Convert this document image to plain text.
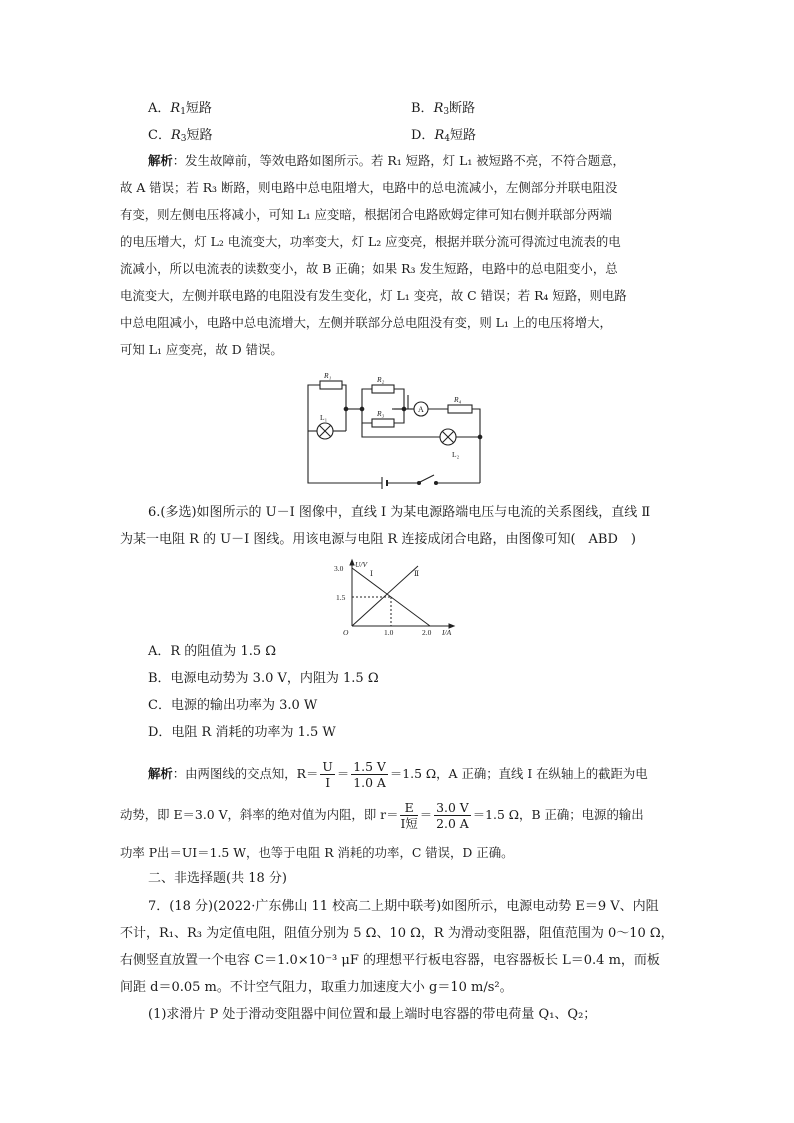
A．$R_1$短路	B．$R_3$断路
C．$R_3$短路	D．$R_4$短路
解析：发生故障前，等效电路如图所示。若 R₁ 短路，灯 L₁ 被短路不亮，不符合题意，
故 A 错误；若 R₃ 断路，则电路中总电阻增大，电路中的总电流减小，左侧部分并联电阻没
有变，则左侧电压将减小，可知 L₁ 应变暗，根据闭合电路欧姆定律可知右侧并联部分两端
的电压增大，灯 L₂ 电流变大，功率变大，灯 L₂ 应变亮，根据并联分流可得流过电流表的电
流减小，所以电流表的读数变小，故 B 正确；如果 R₃ 发生短路，电路中的总电阻变小，总
电流变大，左侧并联电路的电阻没有发生变化，灯 L₁ 变亮，故 C 错误；若 R₄ 短路，则电路
中总电阻减小，电路中总电流增大，左侧并联部分总电阻没有变，则 L₁ 上的电压将增大，
可知 L₁ 应变亮，故 D 错误。
R₁	R₂
R₃
R₄
L₁
L₂
A
6.(多选)如图所示的 U－I 图像中，直线 Ⅰ 为某电源路端电压与电流的关系图线，直线 Ⅱ
为某一电阻 R 的 U－I 图线。用该电源与电阻 R 连接成闭合电路，由图像可知(　ABD　)
U/V
3.0
1.5
O	1.0	2.0 I/A
Ⅰ	Ⅱ
A．R 的阻值为 1.5 Ω
B．电源电动势为 3.0 V，内阻为 1.5 Ω
C．电源的输出功率为 3.0 W
D．电阻 R 消耗的功率为 1.5 W
解析：由两图线的交点知，$R= \frac{U}{I} = \frac{1.5 V}{1.0 A} =1.5$ Ω，A 正确；直线 Ⅰ 在纵轴上的截距为电
动势，即 E＝3.0 V，斜率的绝对值为内阻，即 $r= \frac{E}{\text{I短}} = \frac{3.0 V}{2.0 A} =1.5$ Ω，B 正确；电源的输出
功率 P出＝UI＝1.5 W，也等于电阻 R 消耗的功率，C 错误，D 正确。
二、非选择题(共 18 分)
7．(18 分)(2022·广东佛山 11 校高二上期中联考)如图所示，电源电动势 E＝9 V、内阻
不计，R₁、R₃ 为定值电阻，阻值分别为 5 Ω、10 Ω，R 为滑动变阻器，阻值范围为 0～10 Ω，
右侧竖直放置一个电容 C＝1.0×10⁻³ μF 的理想平行板电容器，电容器板长 L＝0.4 m，而板
间距 d＝0.05 m。不计空气阻力，取重力加速度大小 g＝10 m/s²。
(1)求滑片 P 处于滑动变阻器中间位置和最上端时电容器的带电荷量 Q₁、Q₂；
